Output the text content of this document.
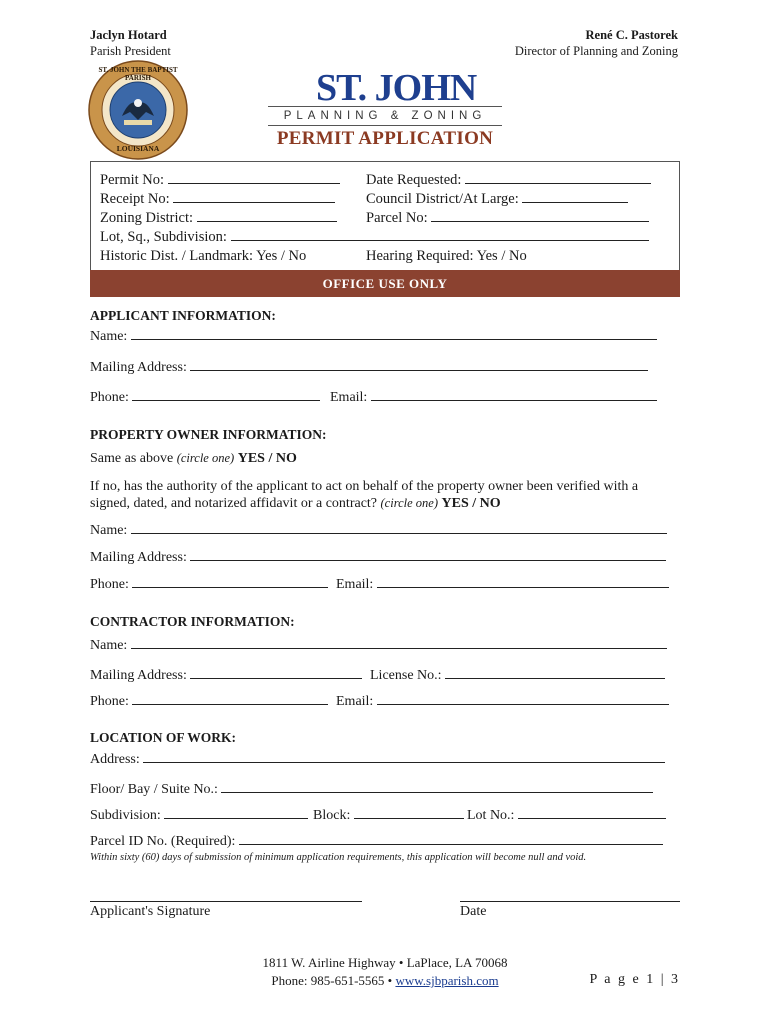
Jaclyn Hotard
Parish President
René C. Pastorek
Director of Planning and Zoning
ST. JOHN THE BAPTIST PARISH
LOUISIANA
ST. JOHN
PLANNING & ZONING
PERMIT APPLICATION
Permit No:	Date Requested:
Receipt No:	Council District/At Large:
Zoning District:	Parcel No:
Lot, Sq., Subdivision:
Historic Dist. / Landmark: Yes / No	Hearing Required: Yes / No
OFFICE USE ONLY
APPLICANT INFORMATION:
Name:
Mailing Address:
Phone:	Email:
PROPERTY OWNER INFORMATION:
Same as above (circle one) YES / NO
If no, has the authority of the applicant to act on behalf of the property owner been verified with a
signed, dated, and notarized affidavit or a contract? (circle one) YES / NO
Name:
Mailing Address:
Phone:	Email:
CONTRACTOR INFORMATION:
Name:
Mailing Address:	License No.:
Phone:	Email:
LOCATION OF WORK:
Address:
Floor/ Bay / Suite No.:
Subdivision:	Block:	Lot No.:
Parcel ID No. (Required):
Within sixty (60) days of submission of minimum application requirements, this application will become null and void.
Applicant's Signature	Date
1811 W. Airline Highway • LaPlace, LA 70068
Phone: 985-651-5565 • www.sjbparish.com	P a g e 1 | 3
